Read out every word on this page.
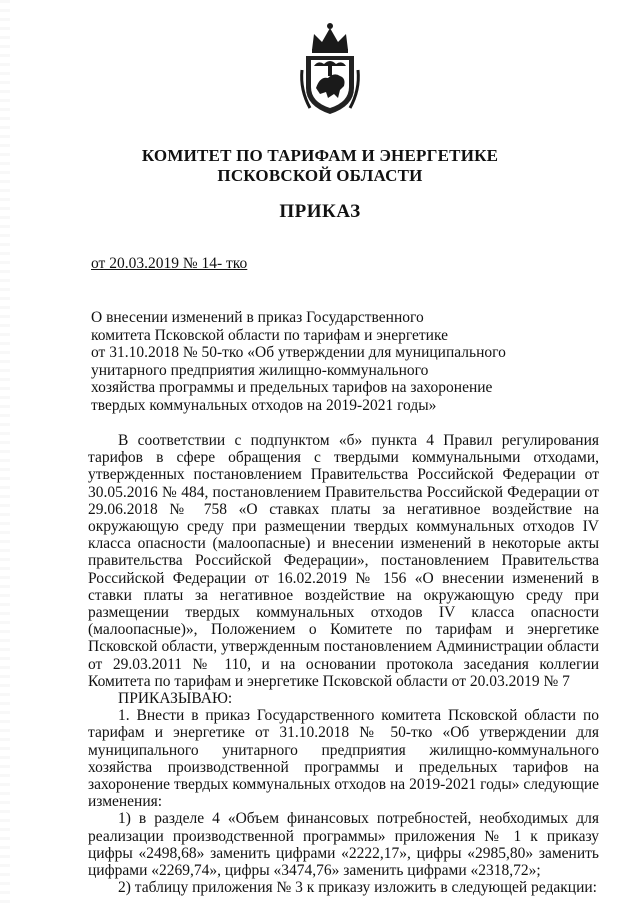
КОМИТЕТ ПО ТАРИФАМ И ЭНЕРГЕТИКЕ
ПСКОВСКОЙ ОБЛАСТИ
ПРИКАЗ
от 20.03.2019 № 14- тко
О внесении изменений в приказ Государственного
комитета Псковской области по тарифам и энергетике
от 31.10.2018 № 50-тко «Об утверждении для муниципального
унитарного предприятия жилищно-коммунального
хозяйства программы и предельных тарифов на захоронение
твердых коммунальных отходов на 2019-2021 годы»

В соответствии с подпунктом «б» пункта 4 Правил регулирования тарифов в сфере обращения с твердыми коммунальными отходами, утвержденных постановлением Правительства Российской Федерации от 30.05.2016 № 484, постановлением Правительства Российской Федерации от 29.06.2018 № 758 «О ставках платы за негативное воздействие на окружающую среду при размещении твердых коммунальных отходов IV класса опасности (малоопасные) и внесении изменений в некоторые акты правительства Российской Федерации», постановлением Правительства Российской Федерации от 16.02.2019 № 156 «О внесении изменений в ставки платы за негативное воздействие на окружающую среду при размещении твердых коммунальных отходов IV класса опасности (малоопасные)», Положением о Комитете по тарифам и энергетике Псковской области, утвержденным постановлением Администрации области от 29.03.2011 № 110, и на основании протокола заседания коллегии Комитета по тарифам и энергетике Псковской области от 20.03.2019 № 7

ПРИКАЗЫВАЮ:

1. Внести в приказ Государственного комитета Псковской области по тарифам и энергетике от 31.10.2018 № 50-тко «Об утверждении для муниципального унитарного предприятия жилищно-коммунального хозяйства производственной программы и предельных тарифов на захоронение твердых коммунальных отходов на 2019-2021 годы» следующие изменения:

1) в разделе 4 «Объем финансовых потребностей, необходимых для реализации производственной программы» приложения № 1 к приказу цифры «2498,68» заменить цифрами «2222,17», цифры «2985,80» заменить цифрами «2269,74», цифры «3474,76» заменить цифрами «2318,72»;

2) таблицу приложения № 3 к приказу изложить в следующей редакции:
